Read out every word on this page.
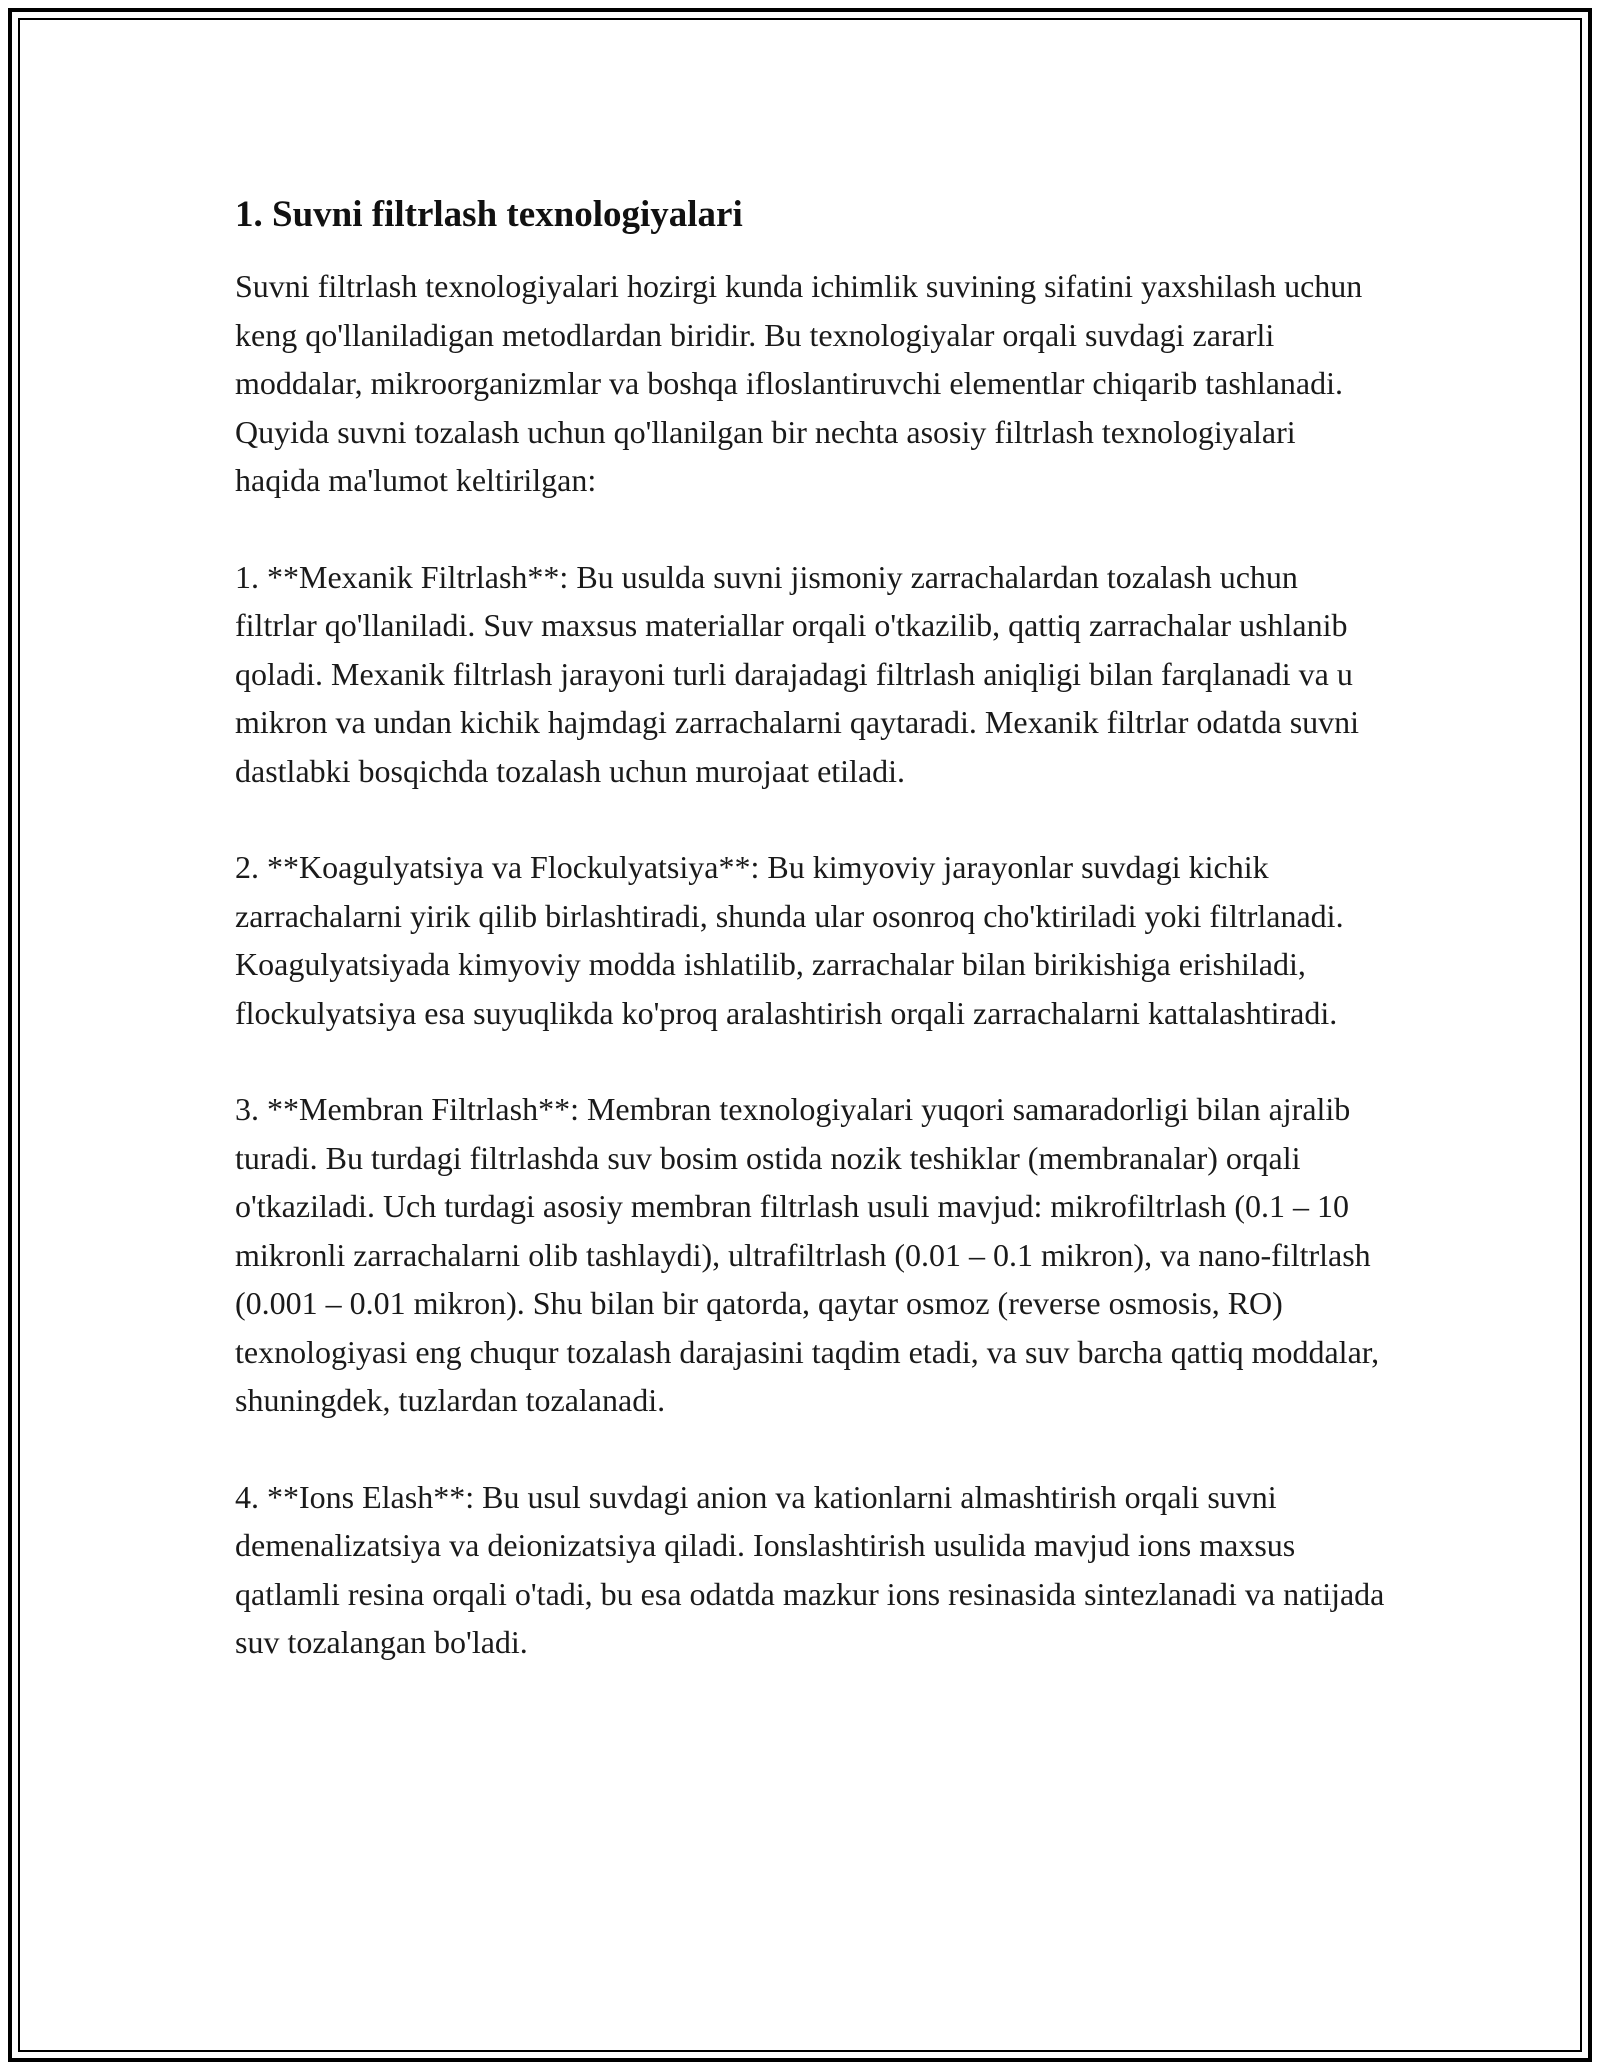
1. Suvni filtrlash texnologiyalari

Suvni filtrlash texnologiyalari hozirgi kunda ichimlik suvining sifatini yaxshilash uchun keng qo'llaniladigan metodlardan biridir. Bu texnologiyalar orqali suvdagi zararli moddalar, mikroorganizmlar va boshqa ifloslantiruvchi elementlar chiqarib tashlanadi. Quyida suvni tozalash uchun qo'llanilgan bir nechta asosiy filtrlash texnologiyalari haqida ma'lumot keltirilgan:

1. **Mexanik Filtrlash**: Bu usulda suvni jismoniy zarrachalardan tozalash uchun filtrlar qo'llaniladi. Suv maxsus materiallar orqali o'tkazilib, qattiq zarrachalar ushlanib qoladi. Mexanik filtrlash jarayoni turli darajadagi filtrlash aniqligi bilan farqlanadi va u mikron va undan kichik hajmdagi zarrachalarni qaytaradi. Mexanik filtrlar odatda suvni dastlabki bosqichda tozalash uchun murojaat etiladi.

2. **Koagulyatsiya va Flockulyatsiya**: Bu kimyoviy jarayonlar suvdagi kichik zarrachalarni yirik qilib birlashtiradi, shunda ular osonroq cho'ktiriladi yoki filtrlanadi. Koagulyatsiyada kimyoviy modda ishlatilib, zarrachalar bilan birikishiga erishiladi, flockulyatsiya esa suyuqlikda ko'proq aralashtirish orqali zarrachalarni kattalashtiradi.

3. **Membran Filtrlash**: Membran texnologiyalari yuqori samaradorligi bilan ajralib turadi. Bu turdagi filtrlashda suv bosim ostida nozik teshiklar (membranalar) orqali o'tkaziladi. Uch turdagi asosiy membran filtrlash usuli mavjud: mikrofiltrlash (0.1 – 10 mikronli zarrachalarni olib tashlaydi), ultrafiltrlash (0.01 – 0.1 mikron), va nano-filtrlash (0.001 – 0.01 mikron). Shu bilan bir qatorda, qaytar osmoz (reverse osmosis, RO) texnologiyasi eng chuqur tozalash darajasini taqdim etadi, va suv barcha qattiq moddalar, shuningdek, tuzlardan tozalanadi.

4. **Ions Elash**: Bu usul suvdagi anion va kationlarni almashtirish orqali suvni demenalizatsiya va deionizatsiya qiladi. Ionslashtirish usulida mavjud ions maxsus qatlamli resina orqali o'tadi, bu esa odatda mazkur ions resinasida sintezlanadi va natijada suv tozalangan bo'ladi.
